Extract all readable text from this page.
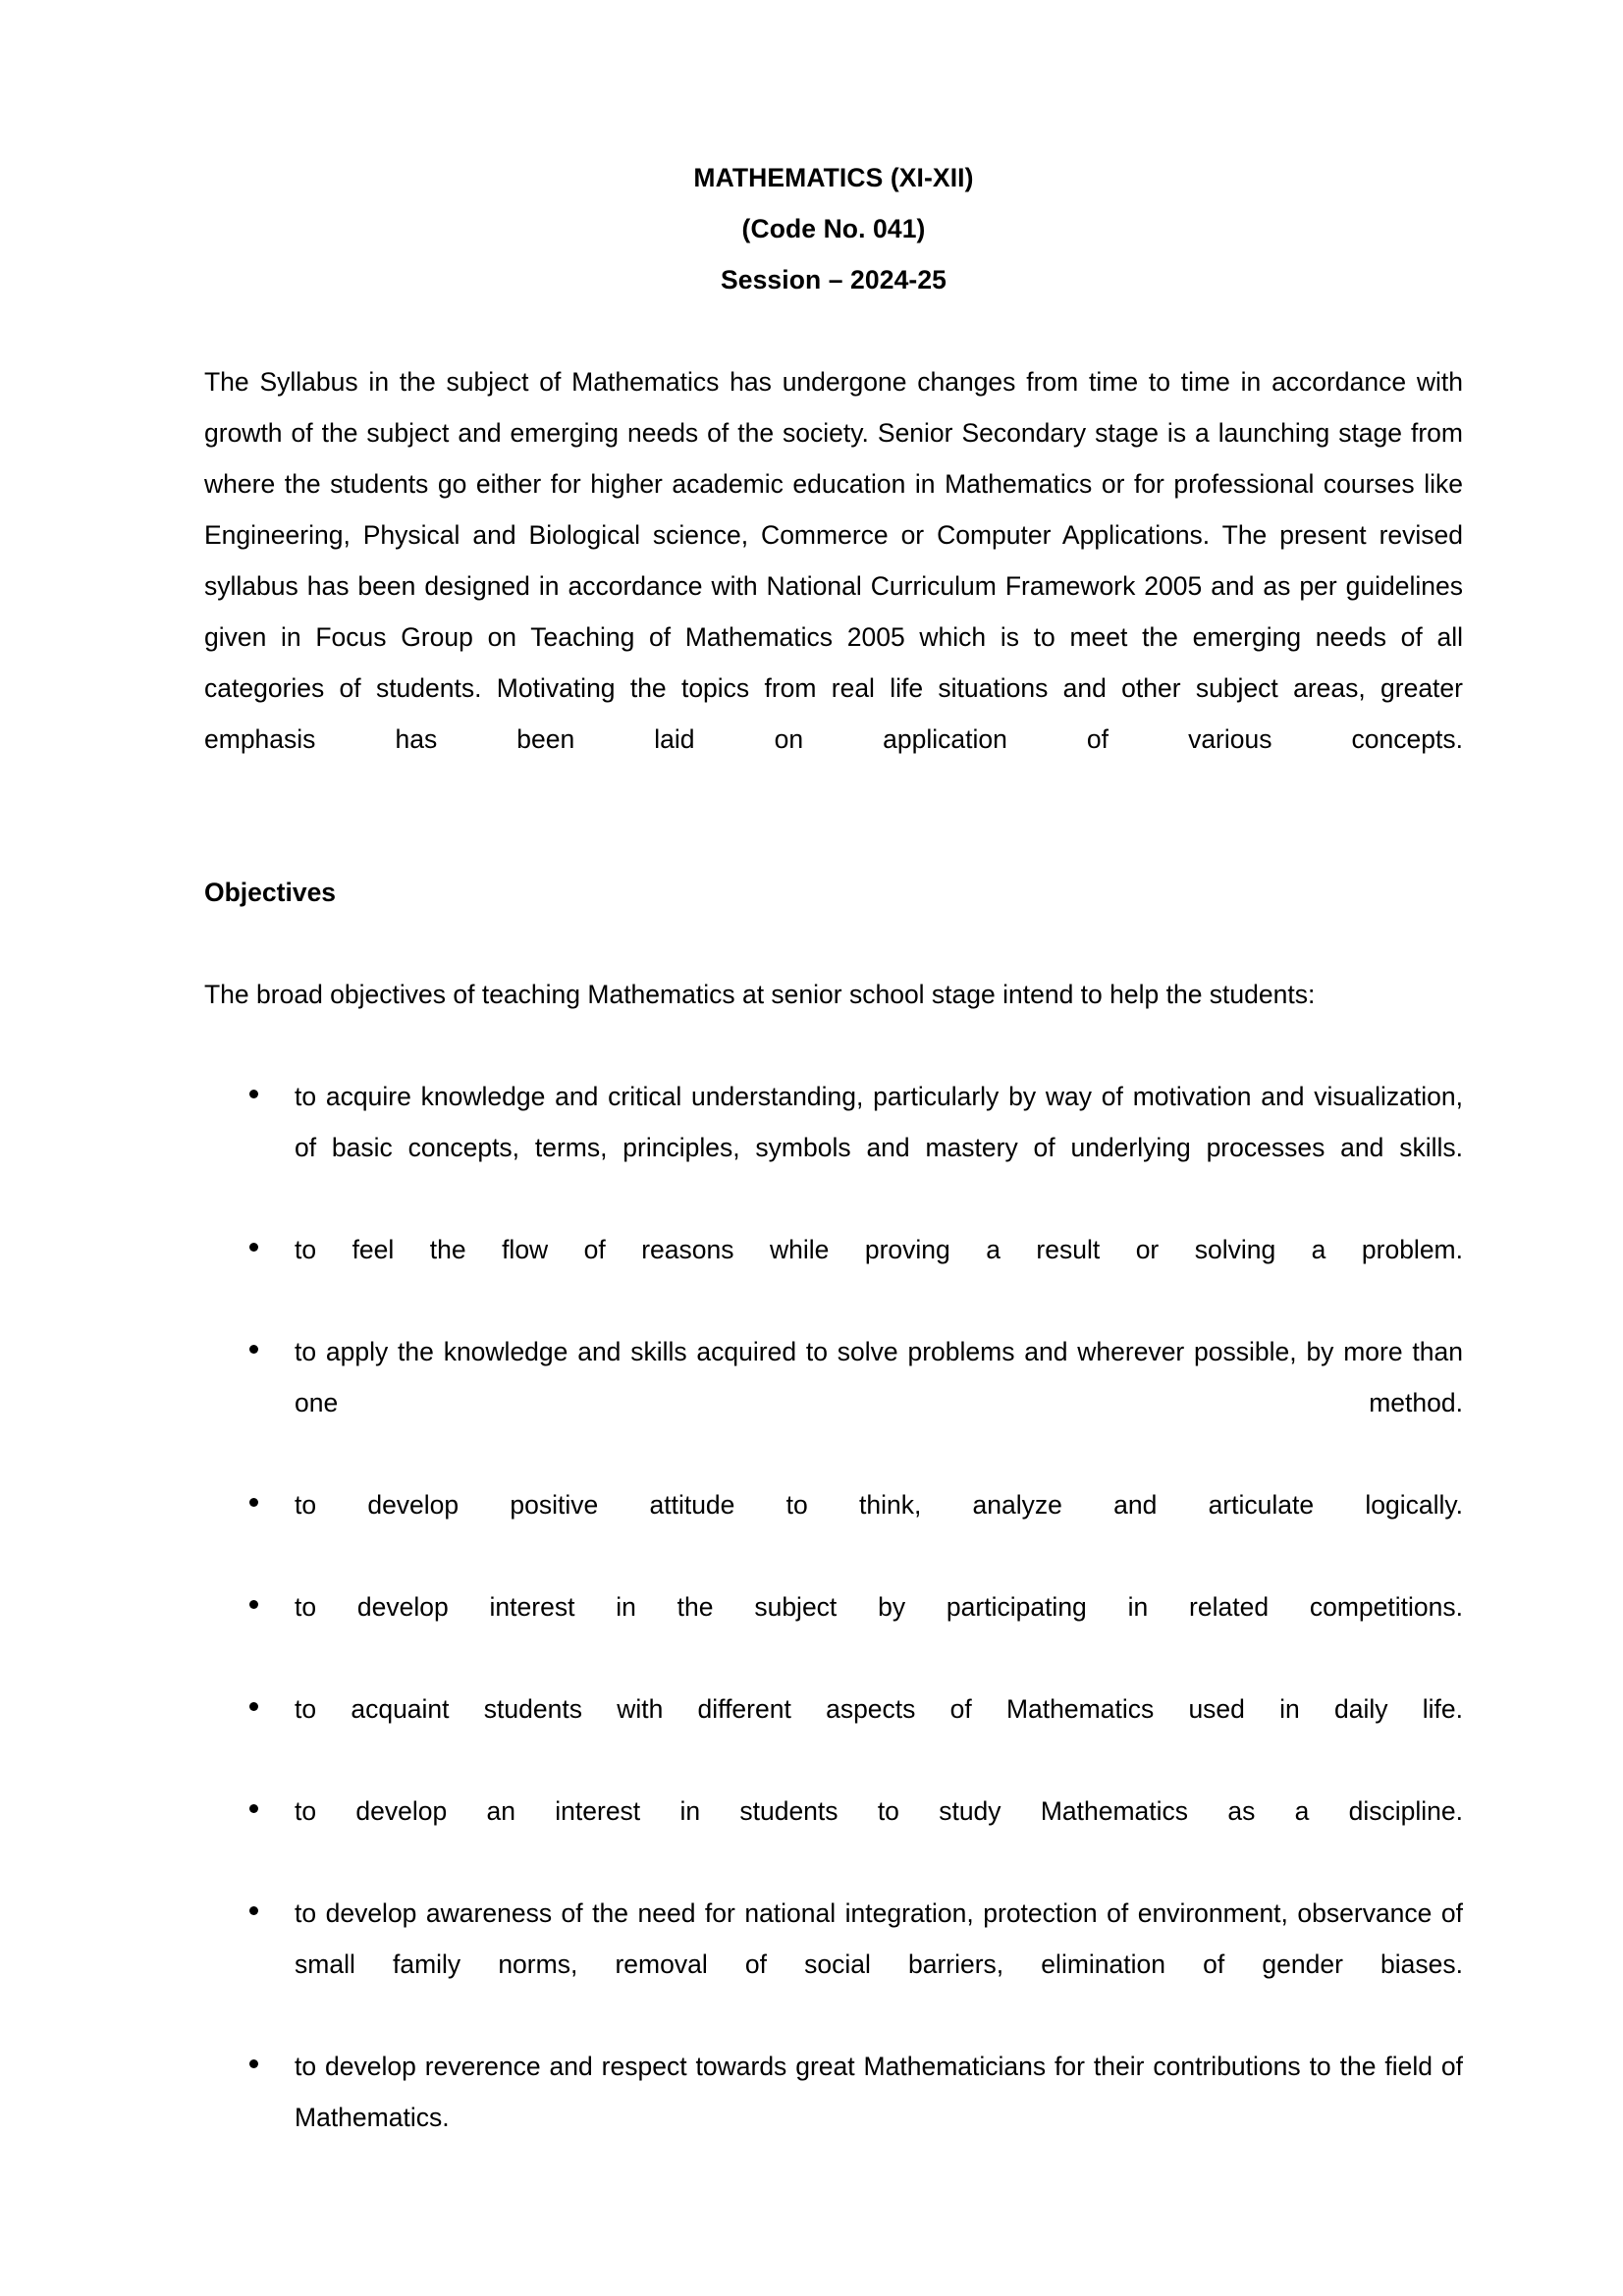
MATHEMATICS (XI-XII)
(Code No. 041)
Session – 2024-25

The Syllabus in the subject of Mathematics has undergone changes from time to time in accordance with growth of the subject and emerging needs of the society. Senior Secondary stage is a launching stage from where the students go either for higher academic education in Mathematics or for professional courses like Engineering, Physical and Biological science, Commerce or Computer Applications. The present revised syllabus has been designed in accordance with National Curriculum Framework 2005 and as per guidelines given in Focus Group on Teaching of Mathematics 2005 which is to meet the emerging needs of all categories of students. Motivating the topics from real life situations and other subject areas, greater emphasis has been laid on application of various concepts.

Objectives

The broad objectives of teaching Mathematics at senior school stage intend to help the students:

to acquire knowledge and critical understanding, particularly by way of motivation and visualization, of basic concepts, terms, principles, symbols and mastery of underlying processes and skills.
to feel the flow of reasons while proving a result or solving a problem.
to apply the knowledge and skills acquired to solve problems and wherever possible, by more than one method.
to develop positive attitude to think, analyze and articulate logically.
to develop interest in the subject by participating in related competitions.
to acquaint students with different aspects of Mathematics used in daily life.
to develop an interest in students to study Mathematics as a discipline.
to develop awareness of the need for national integration, protection of environment, observance of small family norms, removal of social barriers, elimination of gender biases.
to develop reverence and respect towards great Mathematicians for their contributions to the field of Mathematics.
